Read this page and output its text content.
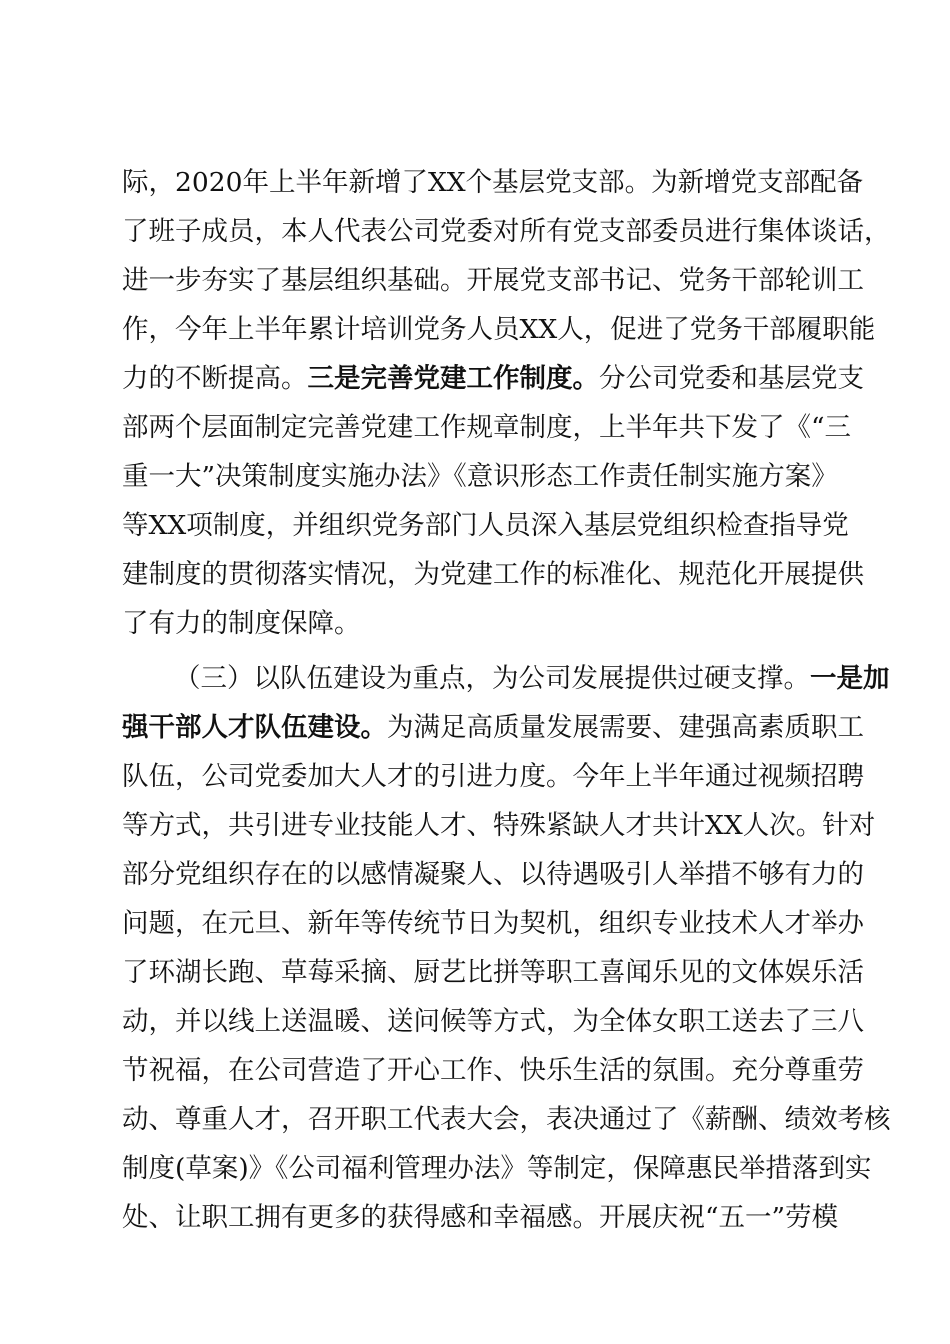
际，2020年上半年新增了XX个基层党支部。为新增党支部配备
了班子成员，本人代表公司党委对所有党支部委员进行集体谈话，
进一步夯实了基层组织基础。开展党支部书记、党务干部轮训工
作，今年上半年累计培训党务人员XX人，促进了党务干部履职能
力的不断提高。三是完善党建工作制度。分公司党委和基层党支
部两个层面制定完善党建工作规章制度，上半年共下发了《“三
重一大”决策制度实施办法》《意识形态工作责任制实施方案》
等XX项制度，并组织党务部门人员深入基层党组织检查指导党
建制度的贯彻落实情况，为党建工作的标准化、规范化开展提供
了有力的制度保障。
（三）以队伍建设为重点，为公司发展提供过硬支撑。一是加
强干部人才队伍建设。为满足高质量发展需要、建强高素质职工
队伍，公司党委加大人才的引进力度。今年上半年通过视频招聘
等方式，共引进专业技能人才、特殊紧缺人才共计XX人次。针对
部分党组织存在的以感情凝聚人、以待遇吸引人举措不够有力的
问题，在元旦、新年等传统节日为契机，组织专业技术人才举办
了环湖长跑、草莓采摘、厨艺比拼等职工喜闻乐见的文体娱乐活
动，并以线上送温暖、送问候等方式，为全体女职工送去了三八
节祝福，在公司营造了开心工作、快乐生活的氛围。充分尊重劳
动、尊重人才，召开职工代表大会，表决通过了《薪酬、绩效考核
制度(草案)》《公司福利管理办法》等制定，保障惠民举措落到实
处、让职工拥有更多的获得感和幸福感。开展庆祝“五一”劳模
